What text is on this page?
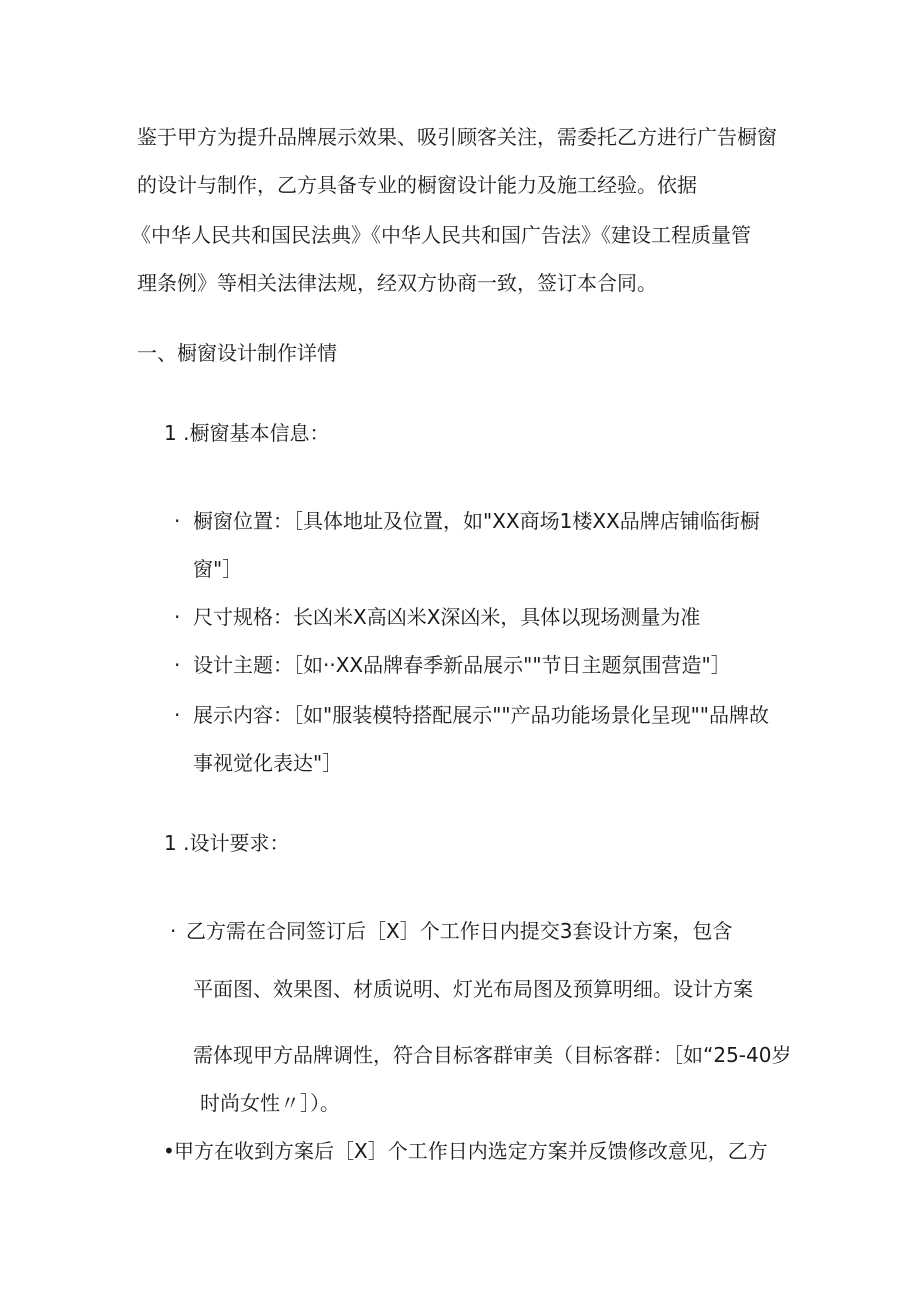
鉴于甲方为提升品牌展示效果、吸引顾客关注，需委托乙方进行广告橱窗
的设计与制作，乙方具备专业的橱窗设计能力及施工经验。依据
《中华人民共和国民法典》《中华人民共和国广告法》《建设工程质量管
理条例》等相关法律法规，经双方协商一致，签订本合同。
一、橱窗设计制作详情
1 .橱窗基本信息：
· 橱窗位置：［具体地址及位置，如"XX商场1楼XX品牌店铺临街橱
窗"］
· 尺寸规格：长凶米X高凶米X深凶米，具体以现场测量为准
· 设计主题：［如··XX品牌春季新品展示""节日主题氛围营造"］
· 展示内容：［如"服装模特搭配展示""产品功能场景化呈现""品牌故
事视觉化表达"］
1 .设计要求：
· 乙方需在合同签订后［X］个工作日内提交3套设计方案，包含
平面图、效果图、材质说明、灯光布局图及预算明细。设计方案
需体现甲方品牌调性，符合目标客群审美（目标客群：［如“25-40岁
时尚女性〃］）。
• 甲方在收到方案后［X］个工作日内选定方案并反馈修改意见，乙方
